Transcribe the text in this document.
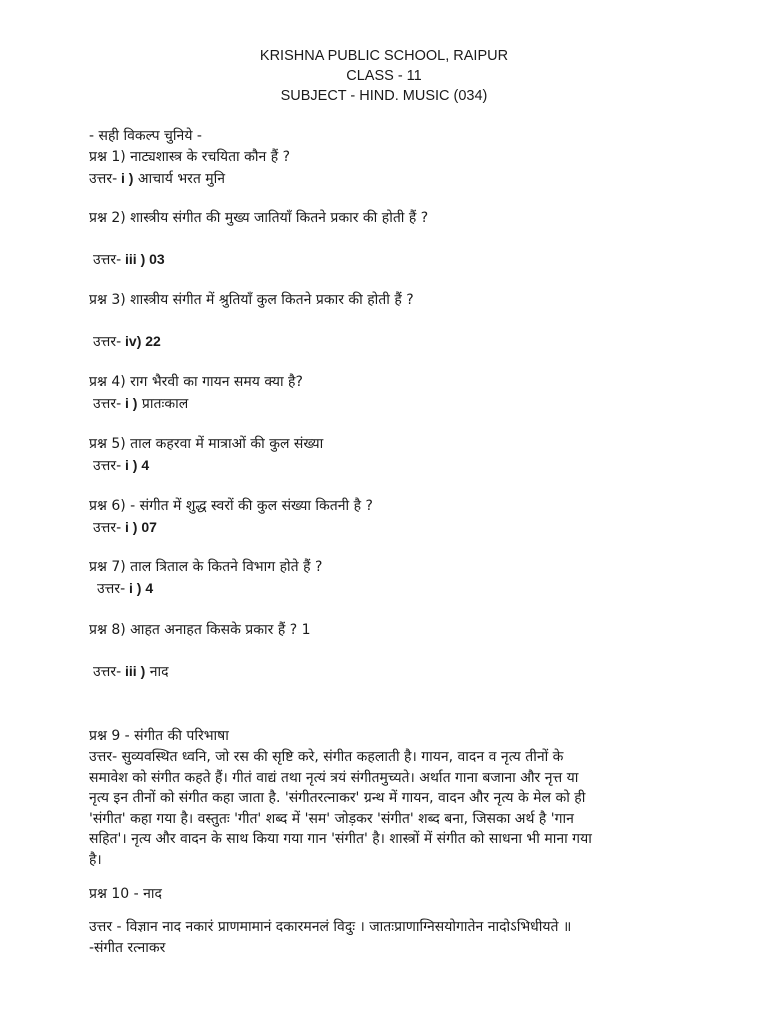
KRISHNA PUBLIC SCHOOL, RAIPUR
CLASS - 11
SUBJECT - HIND. MUSIC (034)
- सही विकल्प चुनिये -
प्रश्न 1) नाट्यशास्त्र के रचयिता कौन हैं ?
उत्तर- i ) आचार्य भरत मुनि
प्रश्न 2) शास्त्रीय संगीत की मुख्य जातियाँ कितने प्रकार की होती हैं ?
उत्तर- iii ) 03
प्रश्न 3) शास्त्रीय संगीत में श्रुतियाँ कुल कितने प्रकार की होती हैं ?
उत्तर- iv) 22
प्रश्न 4) राग भैरवी का गायन समय क्या है?
उत्तर- i ) प्रातःकाल
प्रश्न 5) ताल कहरवा में मात्राओं की कुल संख्या
उत्तर- i ) 4
प्रश्न 6) - संगीत में शुद्ध स्वरों की कुल संख्या कितनी है ?
उत्तर- i ) 07
प्रश्न 7) ताल त्रिताल के कितने विभाग होते हैं ?
उत्तर- i ) 4
प्रश्न 8) आहत अनाहत किसके प्रकार हैं ? 1
उत्तर- iii ) नाद
प्रश्न 9 - संगीत की परिभाषा
उत्तर- सुव्यवस्थित ध्वनि, जो रस की सृष्टि करे, संगीत कहलाती है। गायन, वादन व नृत्य तीनों के
समावेश को संगीत कहते हैं। गीतं वाद्यं तथा नृत्यं त्रयं संगीतमुच्यते। अर्थात गाना बजाना और नृत्त या
नृत्य इन तीनों को संगीत कहा जाता है. 'संगीतरत्नाकर' ग्रन्थ में गायन, वादन और नृत्य के मेल को ही
'संगीत' कहा गया है। वस्तुतः 'गीत' शब्द में 'सम' जोड़कर 'संगीत' शब्द बना, जिसका अर्थ है 'गान
सहित'। नृत्य और वादन के साथ किया गया गान 'संगीत' है। शास्त्रों में संगीत को साधना भी माना गया
है।
प्रश्न 10 - नाद
उत्तर - विज्ञान नाद नकारं प्राणमामानं दकारमनलं विदुः । जातःप्राणाग्निसयोगातेन नादोऽभिधीयते ॥
-संगीत रत्नाकर
